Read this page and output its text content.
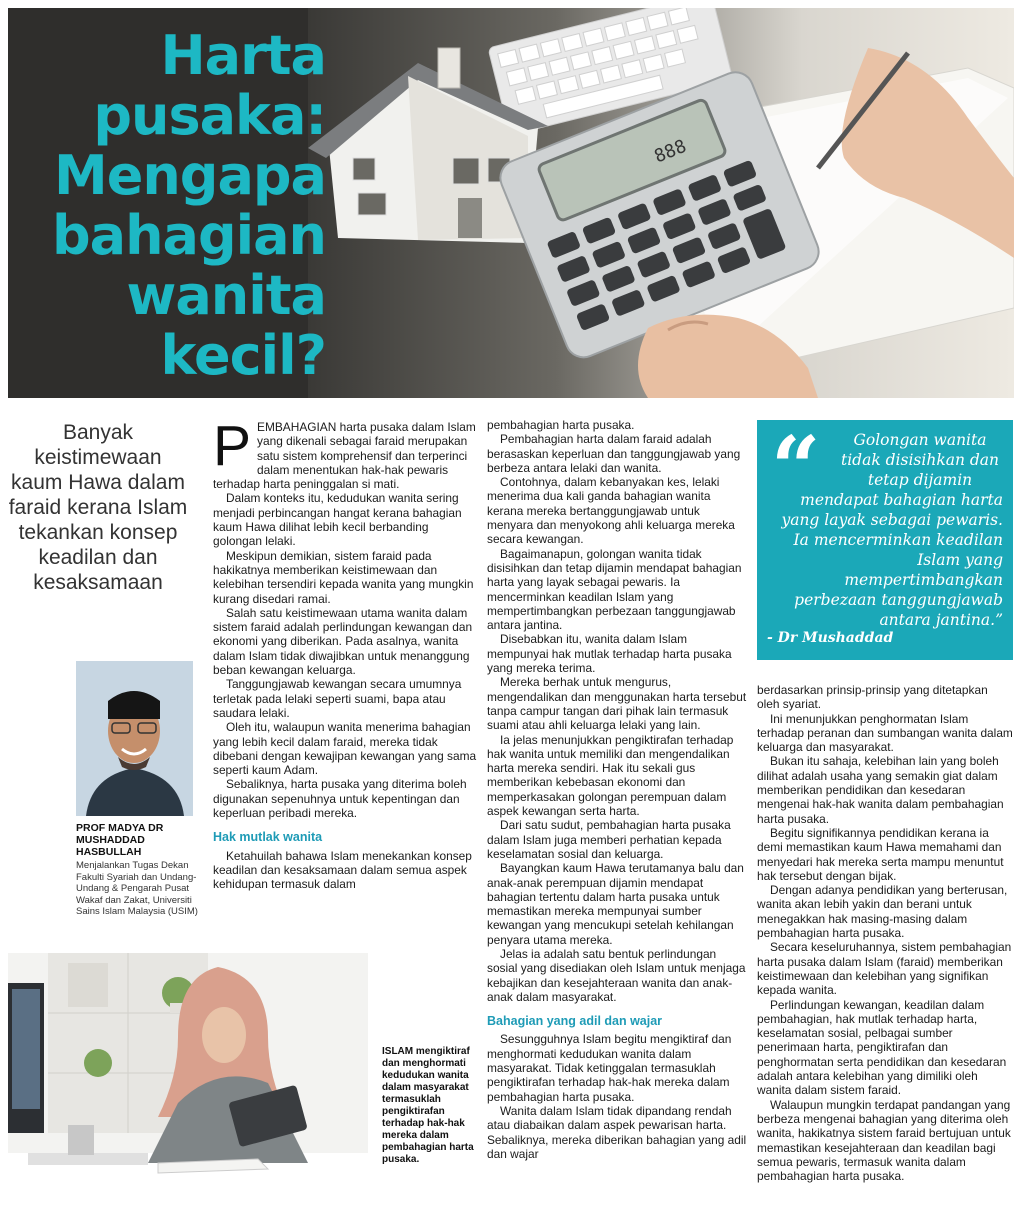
888
Harta
pusaka:
Mengapa
bahagian
wanita
kecil?
Banyak keistimewaan kaum Hawa dalam faraid kerana Islam tekankan konsep keadilan dan kesaksamaan
PROF MADYA DR MUSHADDAD HASBULLAH
Menjalankan Tugas Dekan Fakulti Syariah dan Undang-Undang & Pengarah Pusat Wakaf dan Zakat, Universiti Sains Islam Malaysia (USIM)
P EMBAHAGIAN harta pusaka dalam Islam yang dikenali sebagai faraid merupakan satu sistem komprehensif dan terperinci dalam menentukan hak-hak pewaris terhadap harta peninggalan si mati.

Dalam konteks itu, kedudukan wanita sering menjadi perbincangan hangat kerana bahagian kaum Hawa dilihat lebih kecil berbanding golongan lelaki.

Meskipun demikian, sistem faraid pada hakikatnya memberikan keistimewaan dan kelebihan tersendiri kepada wanita yang mungkin kurang disedari ramai.

Salah satu keistimewaan utama wanita dalam sistem faraid adalah perlindungan kewangan dan ekonomi yang diberikan. Pada asalnya, wanita dalam Islam tidak diwajibkan untuk menanggung beban kewangan keluarga.

Tanggungjawab kewangan secara umumnya terletak pada lelaki seperti suami, bapa atau saudara lelaki.

Oleh itu, walaupun wanita menerima bahagian yang lebih kecil dalam faraid, mereka tidak dibebani dengan kewajipan kewangan yang sama seperti kaum Adam.

Sebaliknya, harta pusaka yang diterima boleh digunakan sepenuhnya untuk kepentingan dan keperluan peribadi mereka.

Hak mutlak wanita

Ketahuilah bahawa Islam menekankan konsep keadilan dan kesaksamaan dalam semua aspek kehidupan termasuk dalam

pembahagian harta pusaka.

Pembahagian harta dalam faraid adalah berasaskan keperluan dan tanggungjawab yang berbeza antara lelaki dan wanita.

Contohnya, dalam kebanyakan kes, lelaki menerima dua kali ganda bahagian wanita kerana mereka bertanggungjawab untuk menyara dan menyokong ahli keluarga mereka secara kewangan.

Bagaimanapun, golongan wanita tidak disisihkan dan tetap dijamin mendapat bahagian harta yang layak sebagai pewaris. Ia mencerminkan keadilan Islam yang mempertimbangkan perbezaan tanggungjawab antara jantina.

Disebabkan itu, wanita dalam Islam mempunyai hak mutlak terhadap harta pusaka yang mereka terima.

Mereka berhak untuk mengurus, mengendalikan dan menggunakan harta tersebut tanpa campur tangan dari pihak lain termasuk suami atau ahli keluarga lelaki yang lain.

Ia jelas menunjukkan pengiktirafan terhadap hak wanita untuk memiliki dan mengendalikan harta mereka sendiri. Hak itu sekali gus memberikan kebebasan ekonomi dan memperkasakan golongan perempuan dalam aspek kewangan serta harta.

Dari satu sudut, pembahagian harta pusaka dalam Islam juga memberi perhatian kepada keselamatan sosial dan keluarga.

Bayangkan kaum Hawa terutamanya balu dan anak-anak perempuan dijamin mendapat bahagian tertentu dalam harta pusaka untuk memastikan mereka mempunyai sumber kewangan yang mencukupi setelah kehilangan penyara utama mereka.

Jelas ia adalah satu bentuk perlindungan sosial yang disediakan oleh Islam untuk menjaga kebajikan dan kesejahteraan wanita dan anak-anak dalam masyarakat.

Bahagian yang adil dan wajar

Sesungguhnya Islam begitu mengiktiraf dan menghormati kedudukan wanita dalam masyarakat. Tidak ketinggalan termasuklah pengiktirafan terhadap hak-hak mereka dalam pembahagian harta pusaka.

Wanita dalam Islam tidak dipandang rendah atau diabaikan dalam aspek pewarisan harta. Sebaliknya, mereka diberikan bahagian yang adil dan wajar

“	Golongan wanita tidak disisihkan dan tetap dijamin
mendapat bahagian harta yang layak sebagai pewaris. Ia mencerminkan keadilan Islam yang mempertimbangkan perbezaan tanggungjawab antara jantina.”
- Dr Mushaddad

berdasarkan prinsip-prinsip yang ditetapkan oleh syariat.

Ini menunjukkan penghormatan Islam terhadap peranan dan sumbangan wanita dalam keluarga dan masyarakat.

Bukan itu sahaja, kelebihan lain yang boleh dilihat adalah usaha yang semakin giat dalam memberikan pendidikan dan kesedaran mengenai hak-hak wanita dalam pembahagian harta pusaka.

Begitu signifikannya pendidikan kerana ia demi memastikan kaum Hawa memahami dan menyedari hak mereka serta mampu menuntut hak tersebut dengan bijak.

Dengan adanya pendidikan yang berterusan, wanita akan lebih yakin dan berani untuk menegakkan hak masing-masing dalam pembahagian harta pusaka.

Secara keseluruhannya, sistem pembahagian harta pusaka dalam Islam (faraid) memberikan keistimewaan dan kelebihan yang signifikan kepada wanita.

Perlindungan kewangan, keadilan dalam pembahagian, hak mutlak terhadap harta, keselamatan sosial, pelbagai sumber penerimaan harta, pengiktirafan dan penghormatan serta pendidikan dan kesedaran adalah antara kelebihan yang dimiliki oleh wanita dalam sistem faraid.

Walaupun mungkin terdapat pandangan yang berbeza mengenai bahagian yang diterima oleh wanita, hakikatnya sistem faraid bertujuan untuk memastikan kesejahteraan dan keadilan bagi semua pewaris, termasuk wanita dalam pembahagian harta pusaka.

ISLAM mengiktiraf dan menghormati kedudukan wanita dalam masyarakat termasuklah pengiktirafan terhadap hak-hak mereka dalam pembahagian harta pusaka.
